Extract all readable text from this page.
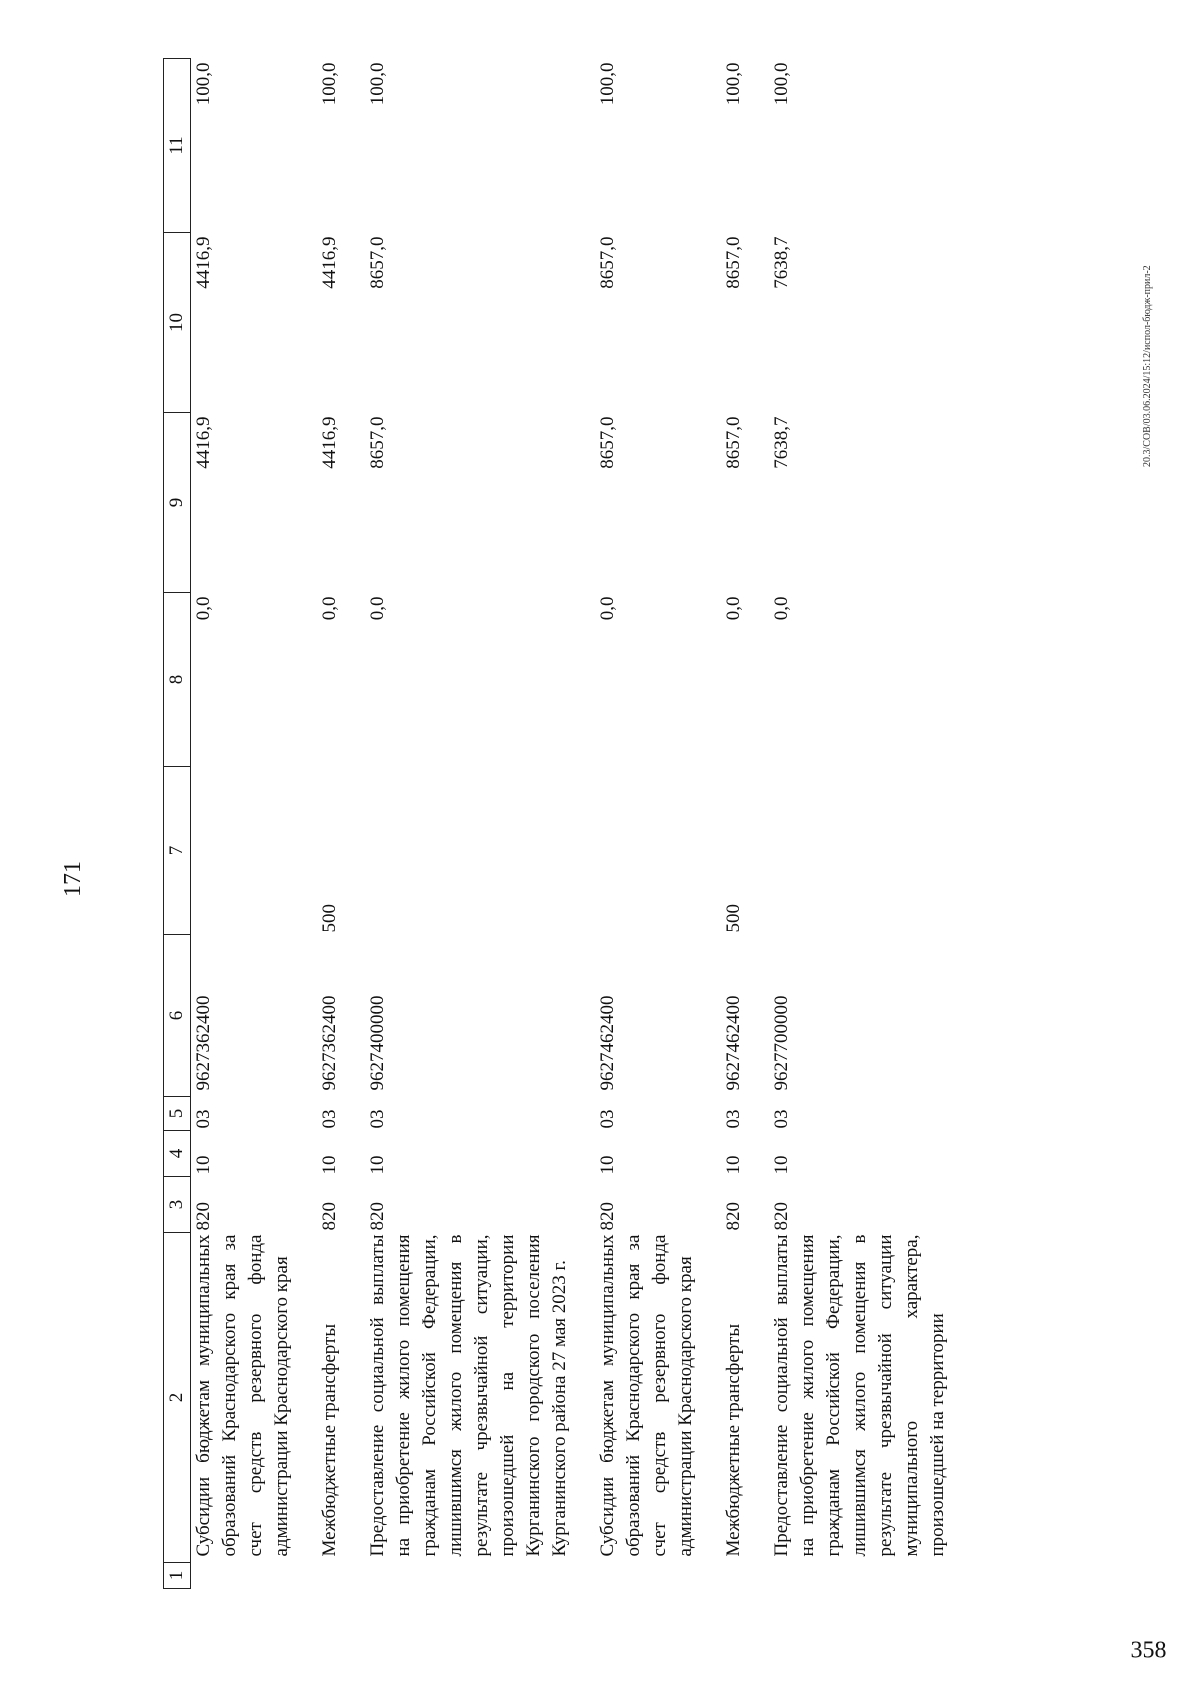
171
1	2	3	4	5	6	7	8	9	10	11
	Субсидии бюджетам муниципальных образований Краснодарского края за счет средств резервного фонда администрации Краснодарского края	820	10	03	9627362400		0,0	4416,9	4416,9	100,0
	Межбюджетные трансферты	820	10	03	9627362400	500	0,0	4416,9	4416,9	100,0
	Предоставление социальной выплаты на приобретение жилого помещения гражданам Российской Федерации, лишившимся жилого помещения в результате чрезвычайной ситуации, произошедшей на территории Курганинского городского поселения Курганинского района 27 мая 2023 г.	820	10	03	9627400000		0,0	8657,0	8657,0	100,0
	Субсидии бюджетам муниципальных образований Краснодарского края за счет средств резервного фонда администрации Краснодарского края	820	10	03	9627462400		0,0	8657,0	8657,0	100,0
	Межбюджетные трансферты	820	10	03	9627462400	500	0,0	8657,0	8657,0	100,0
	Предоставление социальной выплаты на приобретение жилого помещения гражданам Российской Федерации, лишившимся жилого помещения в результате чрезвычайной ситуации муниципального характера, произошедшей на территории	820	10	03	9627700000		0,0	7638,7	7638,7	100,0
20.3/СОВ/03.06.2024/15:12/испол-бюдж-прил-2
358
